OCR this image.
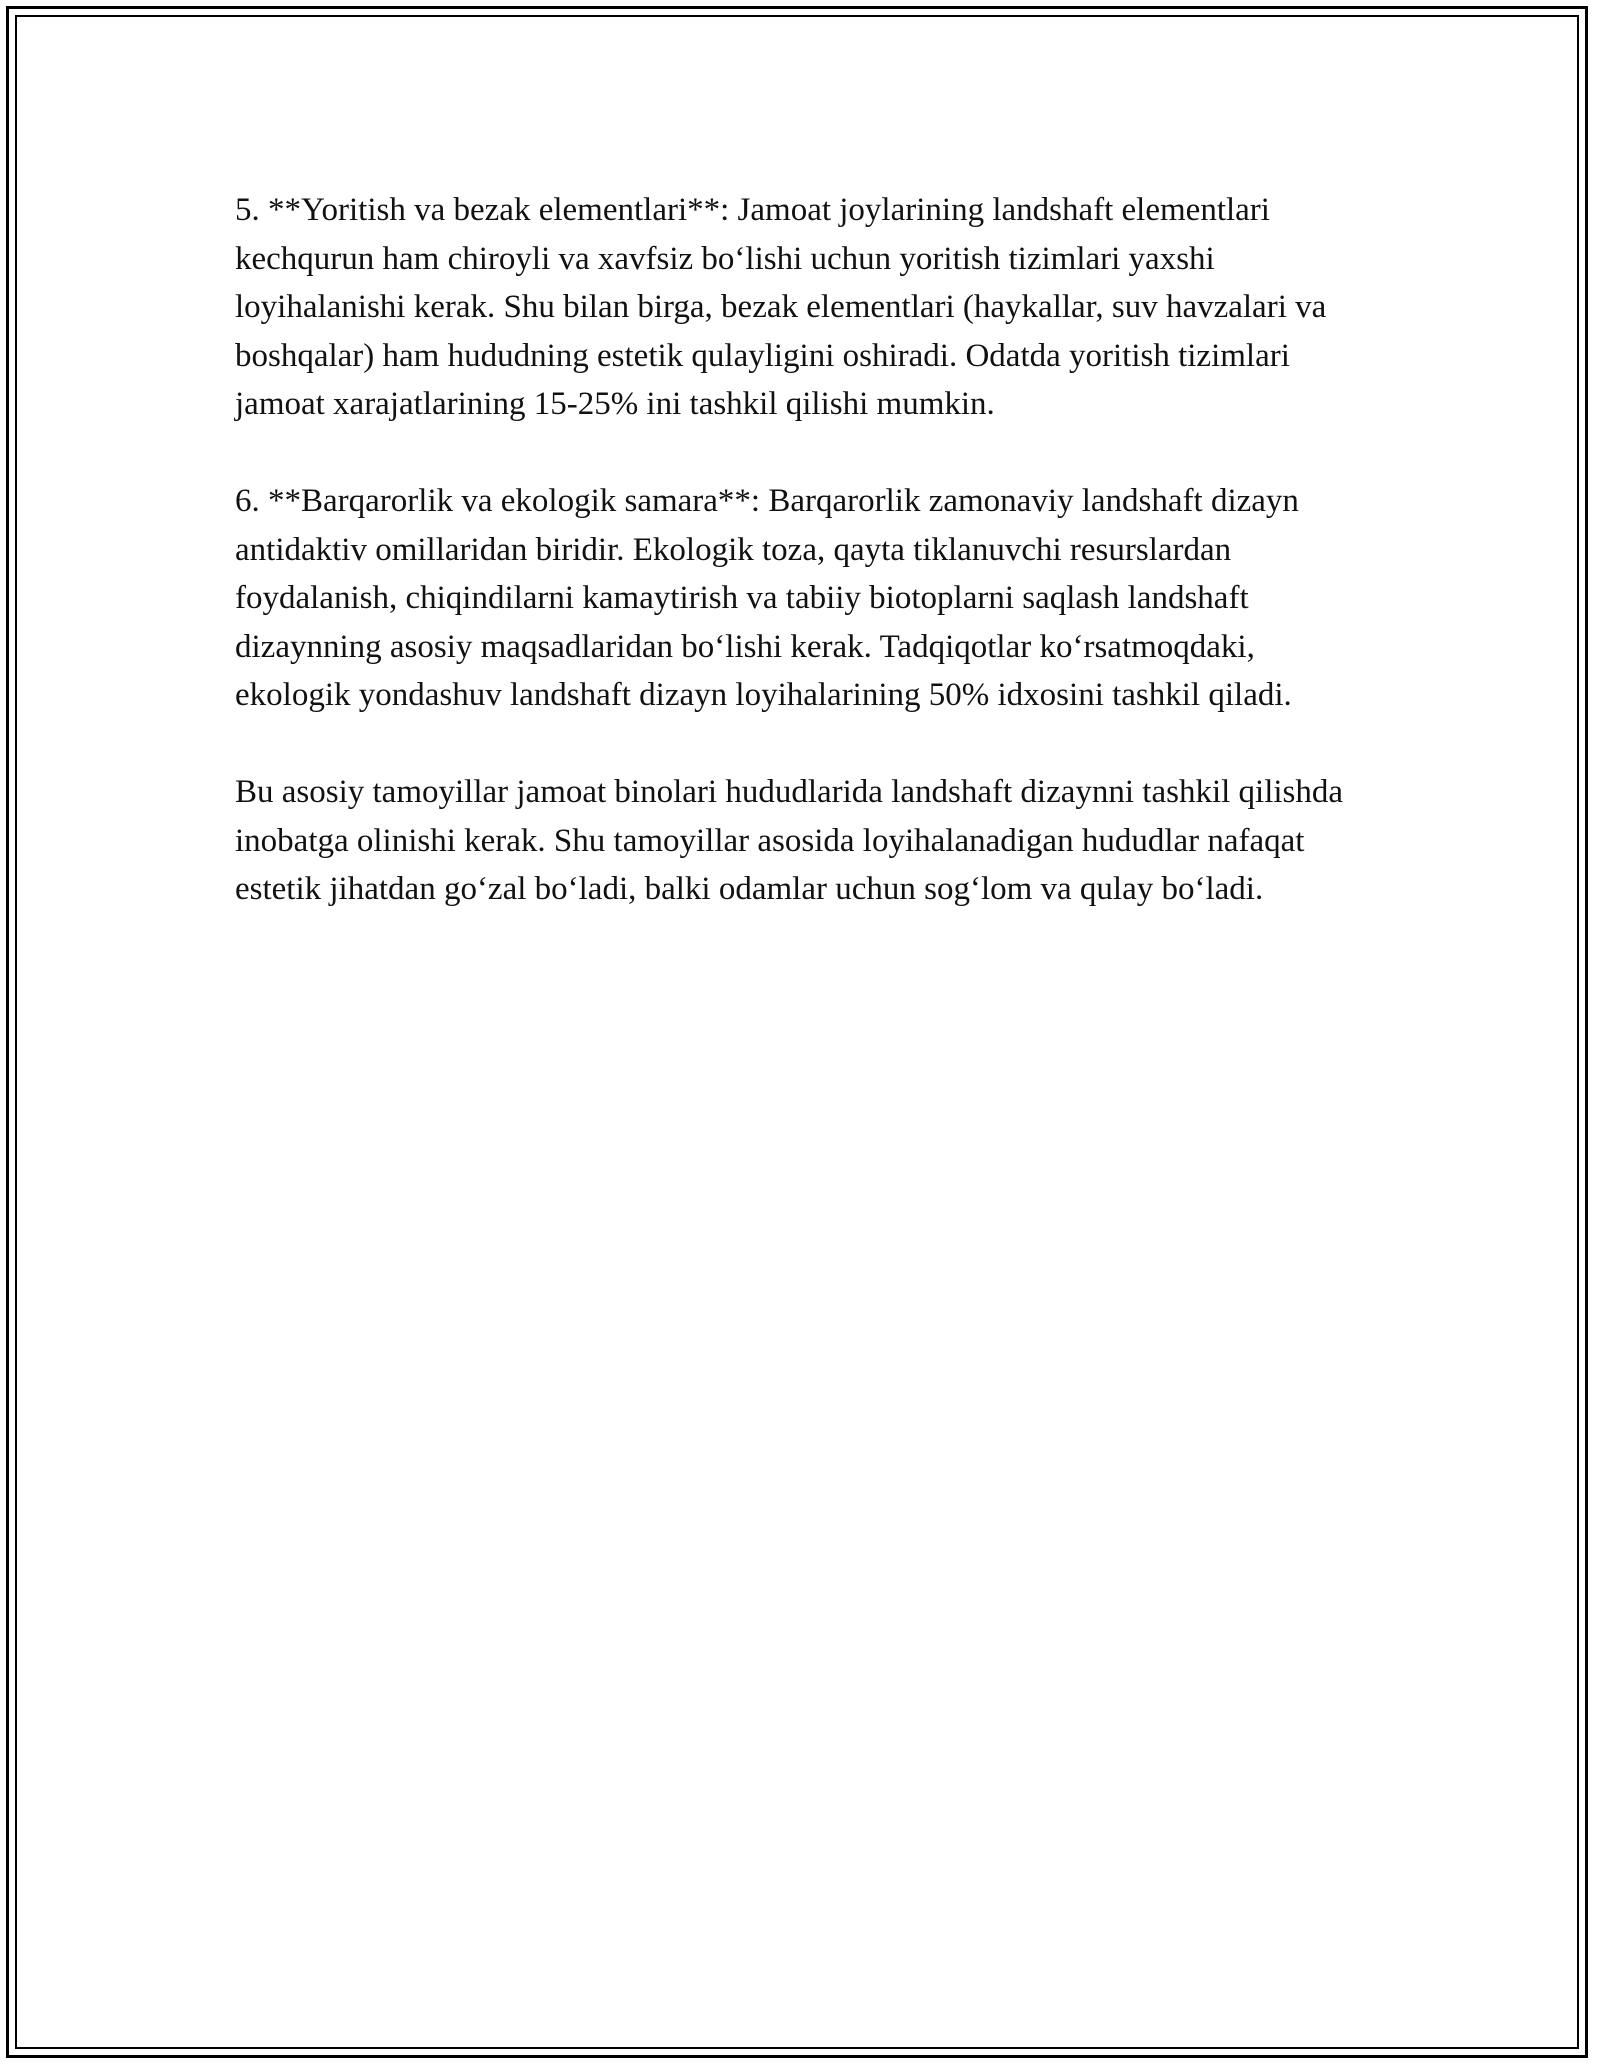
5. **Yoritish va bezak elementlari**: Jamoat joylarining landshaft elementlari kechqurun ham chiroyli va xavfsiz bo‘lishi uchun yoritish tizimlari yaxshi loyihalanishi kerak. Shu bilan birga, bezak elementlari (haykallar, suv havzalari va boshqalar) ham hududning estetik qulayligini oshiradi. Odatda yoritish tizimlari jamoat xarajatlarining 15-25% ini tashkil qilishi mumkin.

6. **Barqarorlik va ekologik samara**: Barqarorlik zamonaviy landshaft dizayn antidaktiv omillaridan biridir. Ekologik toza, qayta tiklanuvchi resurslardan foydalanish, chiqindilarni kamaytirish va tabiiy biotoplarni saqlash landshaft dizaynning asosiy maqsadlaridan bo‘lishi kerak. Tadqiqotlar ko‘rsatmoqdaki, ekologik yondashuv landshaft dizayn loyihalarining 50% idxosini tashkil qiladi.

Bu asosiy tamoyillar jamoat binolari hududlarida landshaft dizaynni tashkil qilishda inobatga olinishi kerak. Shu tamoyillar asosida loyihalanadigan hududlar nafaqat estetik jihatdan go‘zal bo‘ladi, balki odamlar uchun sog‘lom va qulay bo‘ladi.
